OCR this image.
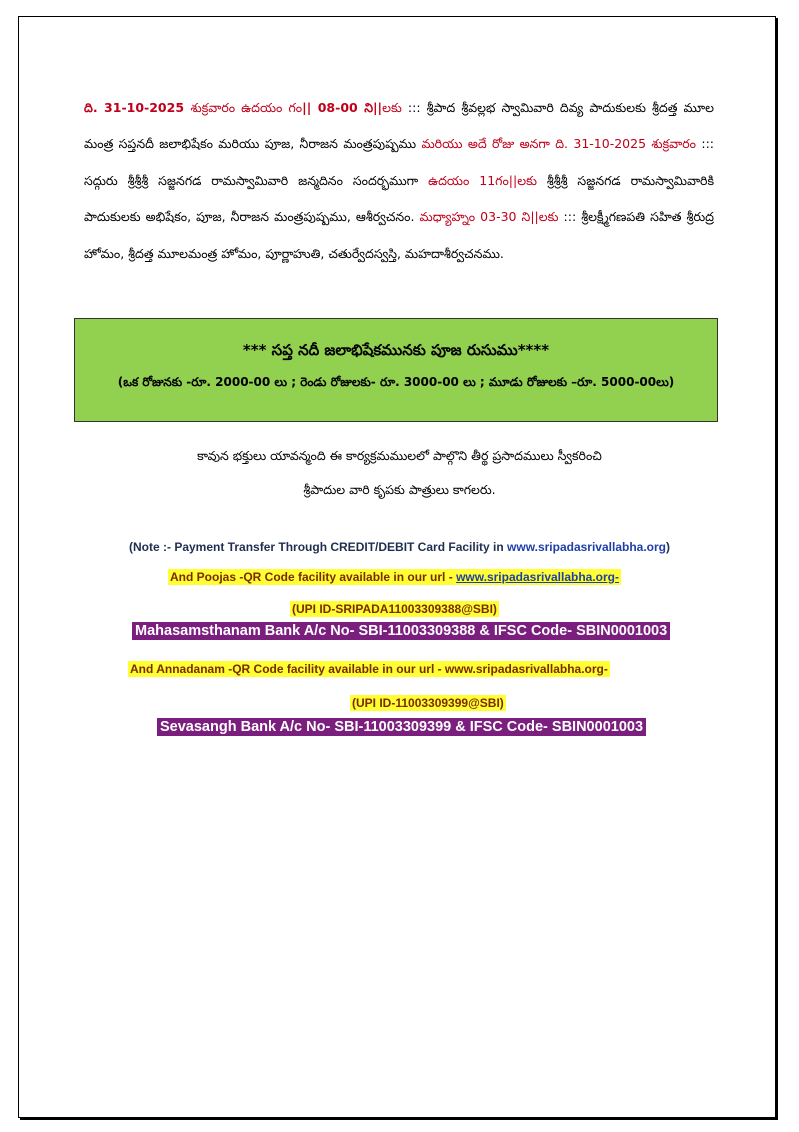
ది. 31-10-2025 శుక్రవారం ఉదయం గం|| 08-00 ని||లకు ::: శ్రీపాద శ్రీవల్లభ స్వామివారి దివ్య పాదుకులకు శ్రీదత్త మూల మంత్ర సప్తనదీ జలాభిషేకం మరియు పూజ, నీరాజన మంత్రపుష్పము మరియు అదే రోజు అనగా ది. 31-10-2025 శుక్రవారం ::: సద్గురు శ్రీశ్రీశ్రీ సజ్జనగడ రామస్వామివారి జన్మదినం సందర్భముగా ఉదయం 11గం||లకు శ్రీశ్రీశ్రీ సజ్జనగడ రామస్వామివారికి పాదుకులకు అభిషేకం, పూజ, నీరాజన మంత్రపుష్పము, ఆశీర్వచనం. మధ్యాహ్నం 03-30 ని||లకు ::: శ్రీలక్ష్మీగణపతి సహిత శ్రీరుద్ర హోమం, శ్రీదత్త మూలమంత్ర హోమం, పూర్ణాహుతి, చతుర్వేదస్వస్తి, మహదాశీర్వచనము.
*** సప్త నదీ జలాభిషేకమునకు పూజ రుసుము****
(ఒక రోజునకు -రూ. 2000-00 లు ; రెండు రోజులకు- రూ. 3000-00 లు ; మూడు రోజులకు –రూ. 5000-00లు)
కావున భక్తులు యావన్మంది ఈ కార్యక్రమములలో పాల్గొని తీర్థ ప్రసాదములు స్వీకరించి
శ్రీపాదుల వారి కృపకు పాత్రులు కాగలరు.
(Note :- Payment Transfer Through CREDIT/DEBIT Card Facility in www.sripadasrivallabha.org)
And Poojas -QR Code facility available in our url - www.sripadasrivallabha.org-
(UPI ID-SRIPADA11003309388@SBI)
Mahasamsthanam Bank A/c No- SBI-11003309388 & IFSC Code- SBIN0001003
And Annadanam -QR Code facility available in our url - www.sripadasrivallabha.org-
(UPI ID-11003309399@SBI)
Sevasangh Bank A/c No- SBI-11003309399 & IFSC Code- SBIN0001003
